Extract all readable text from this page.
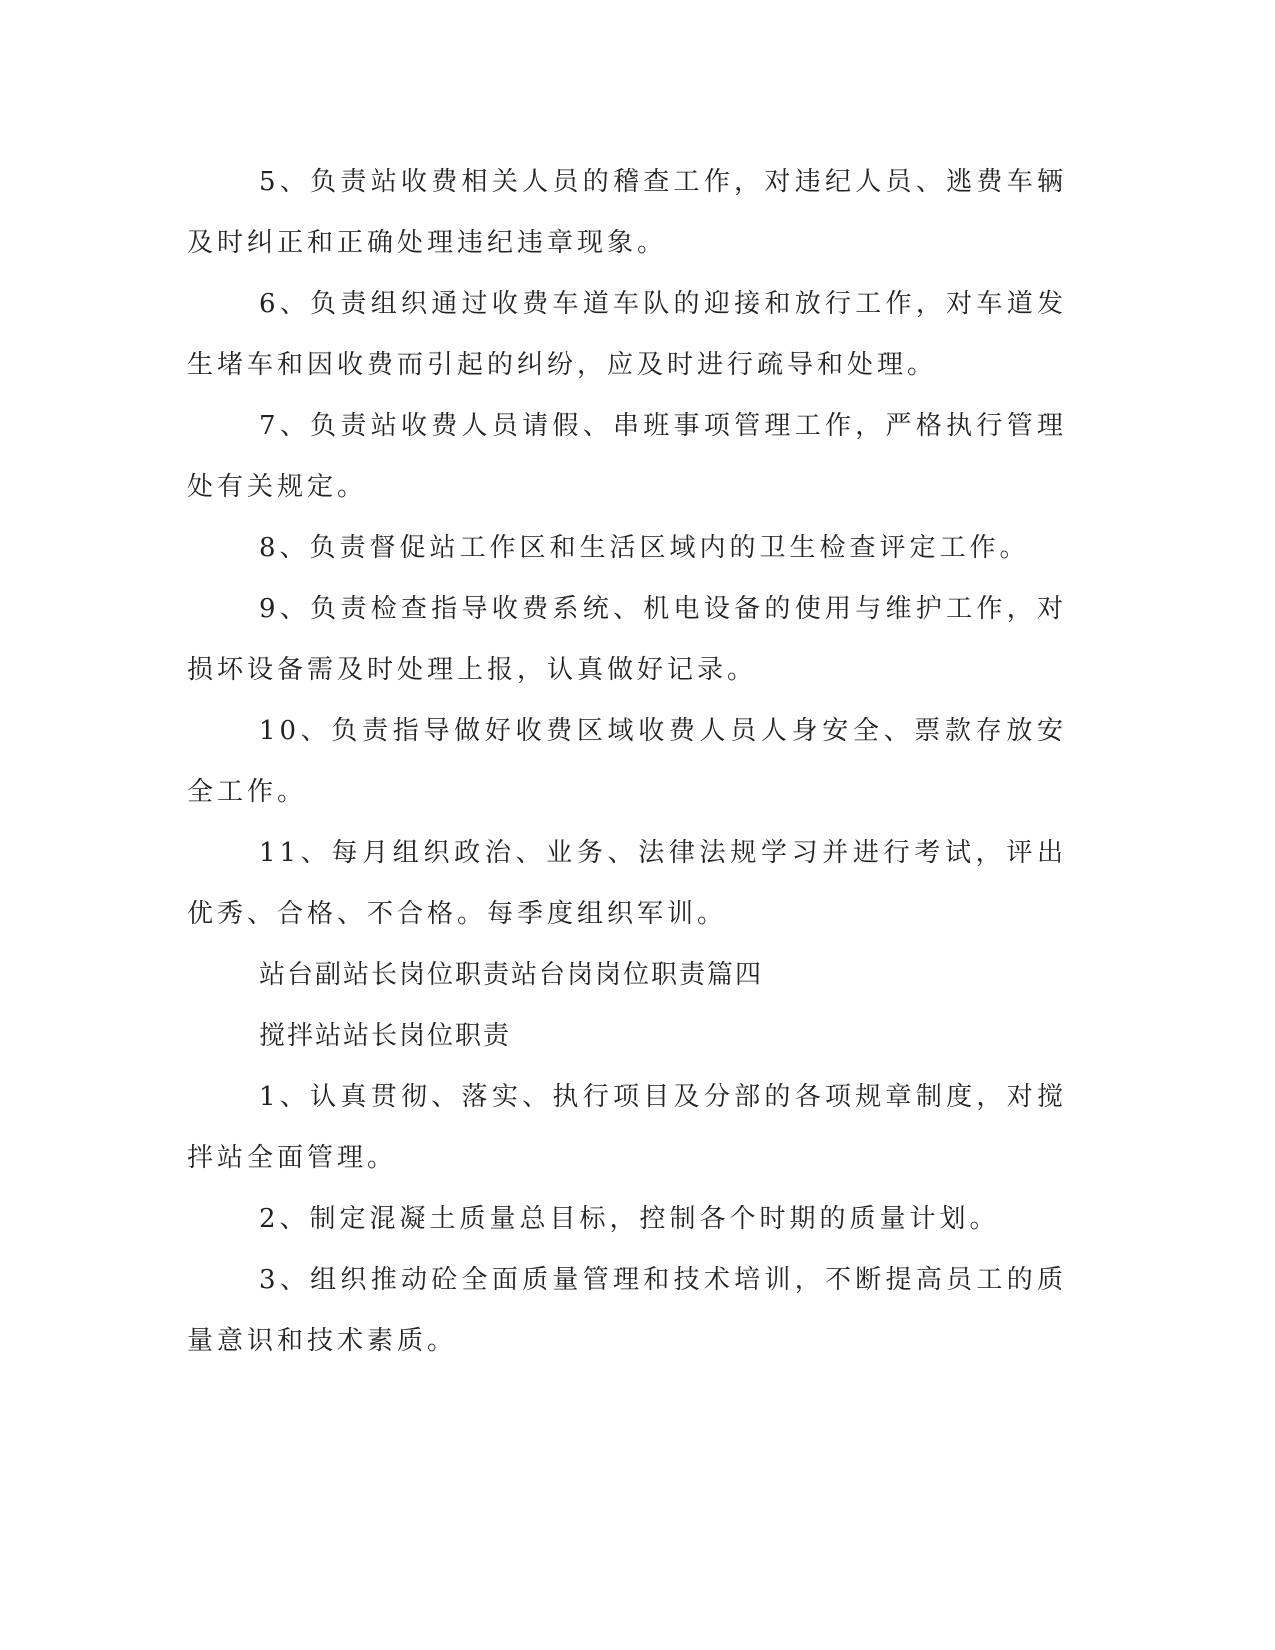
5、负责站收费相关人员的稽查工作，对违纪人员、逃费车辆及时纠正和正确处理违纪违章现象。

6、负责组织通过收费车道车队的迎接和放行工作，对车道发生堵车和因收费而引起的纠纷，应及时进行疏导和处理。

7、负责站收费人员请假、串班事项管理工作，严格执行管理处有关规定。

8、负责督促站工作区和生活区域内的卫生检查评定工作。

9、负责检查指导收费系统、机电设备的使用与维护工作，对损坏设备需及时处理上报，认真做好记录。

10、负责指导做好收费区域收费人员人身安全、票款存放安全工作。

11、每月组织政治、业务、法律法规学习并进行考试，评出优秀、合格、不合格。每季度组织军训。

站台副站长岗位职责站台岗岗位职责篇四

搅拌站站长岗位职责

1、认真贯彻、落实、执行项目及分部的各项规章制度，对搅拌站全面管理。

2、制定混凝土质量总目标，控制各个时期的质量计划。

3、组织推动砼全面质量管理和技术培训，不断提高员工的质量意识和技术素质。
